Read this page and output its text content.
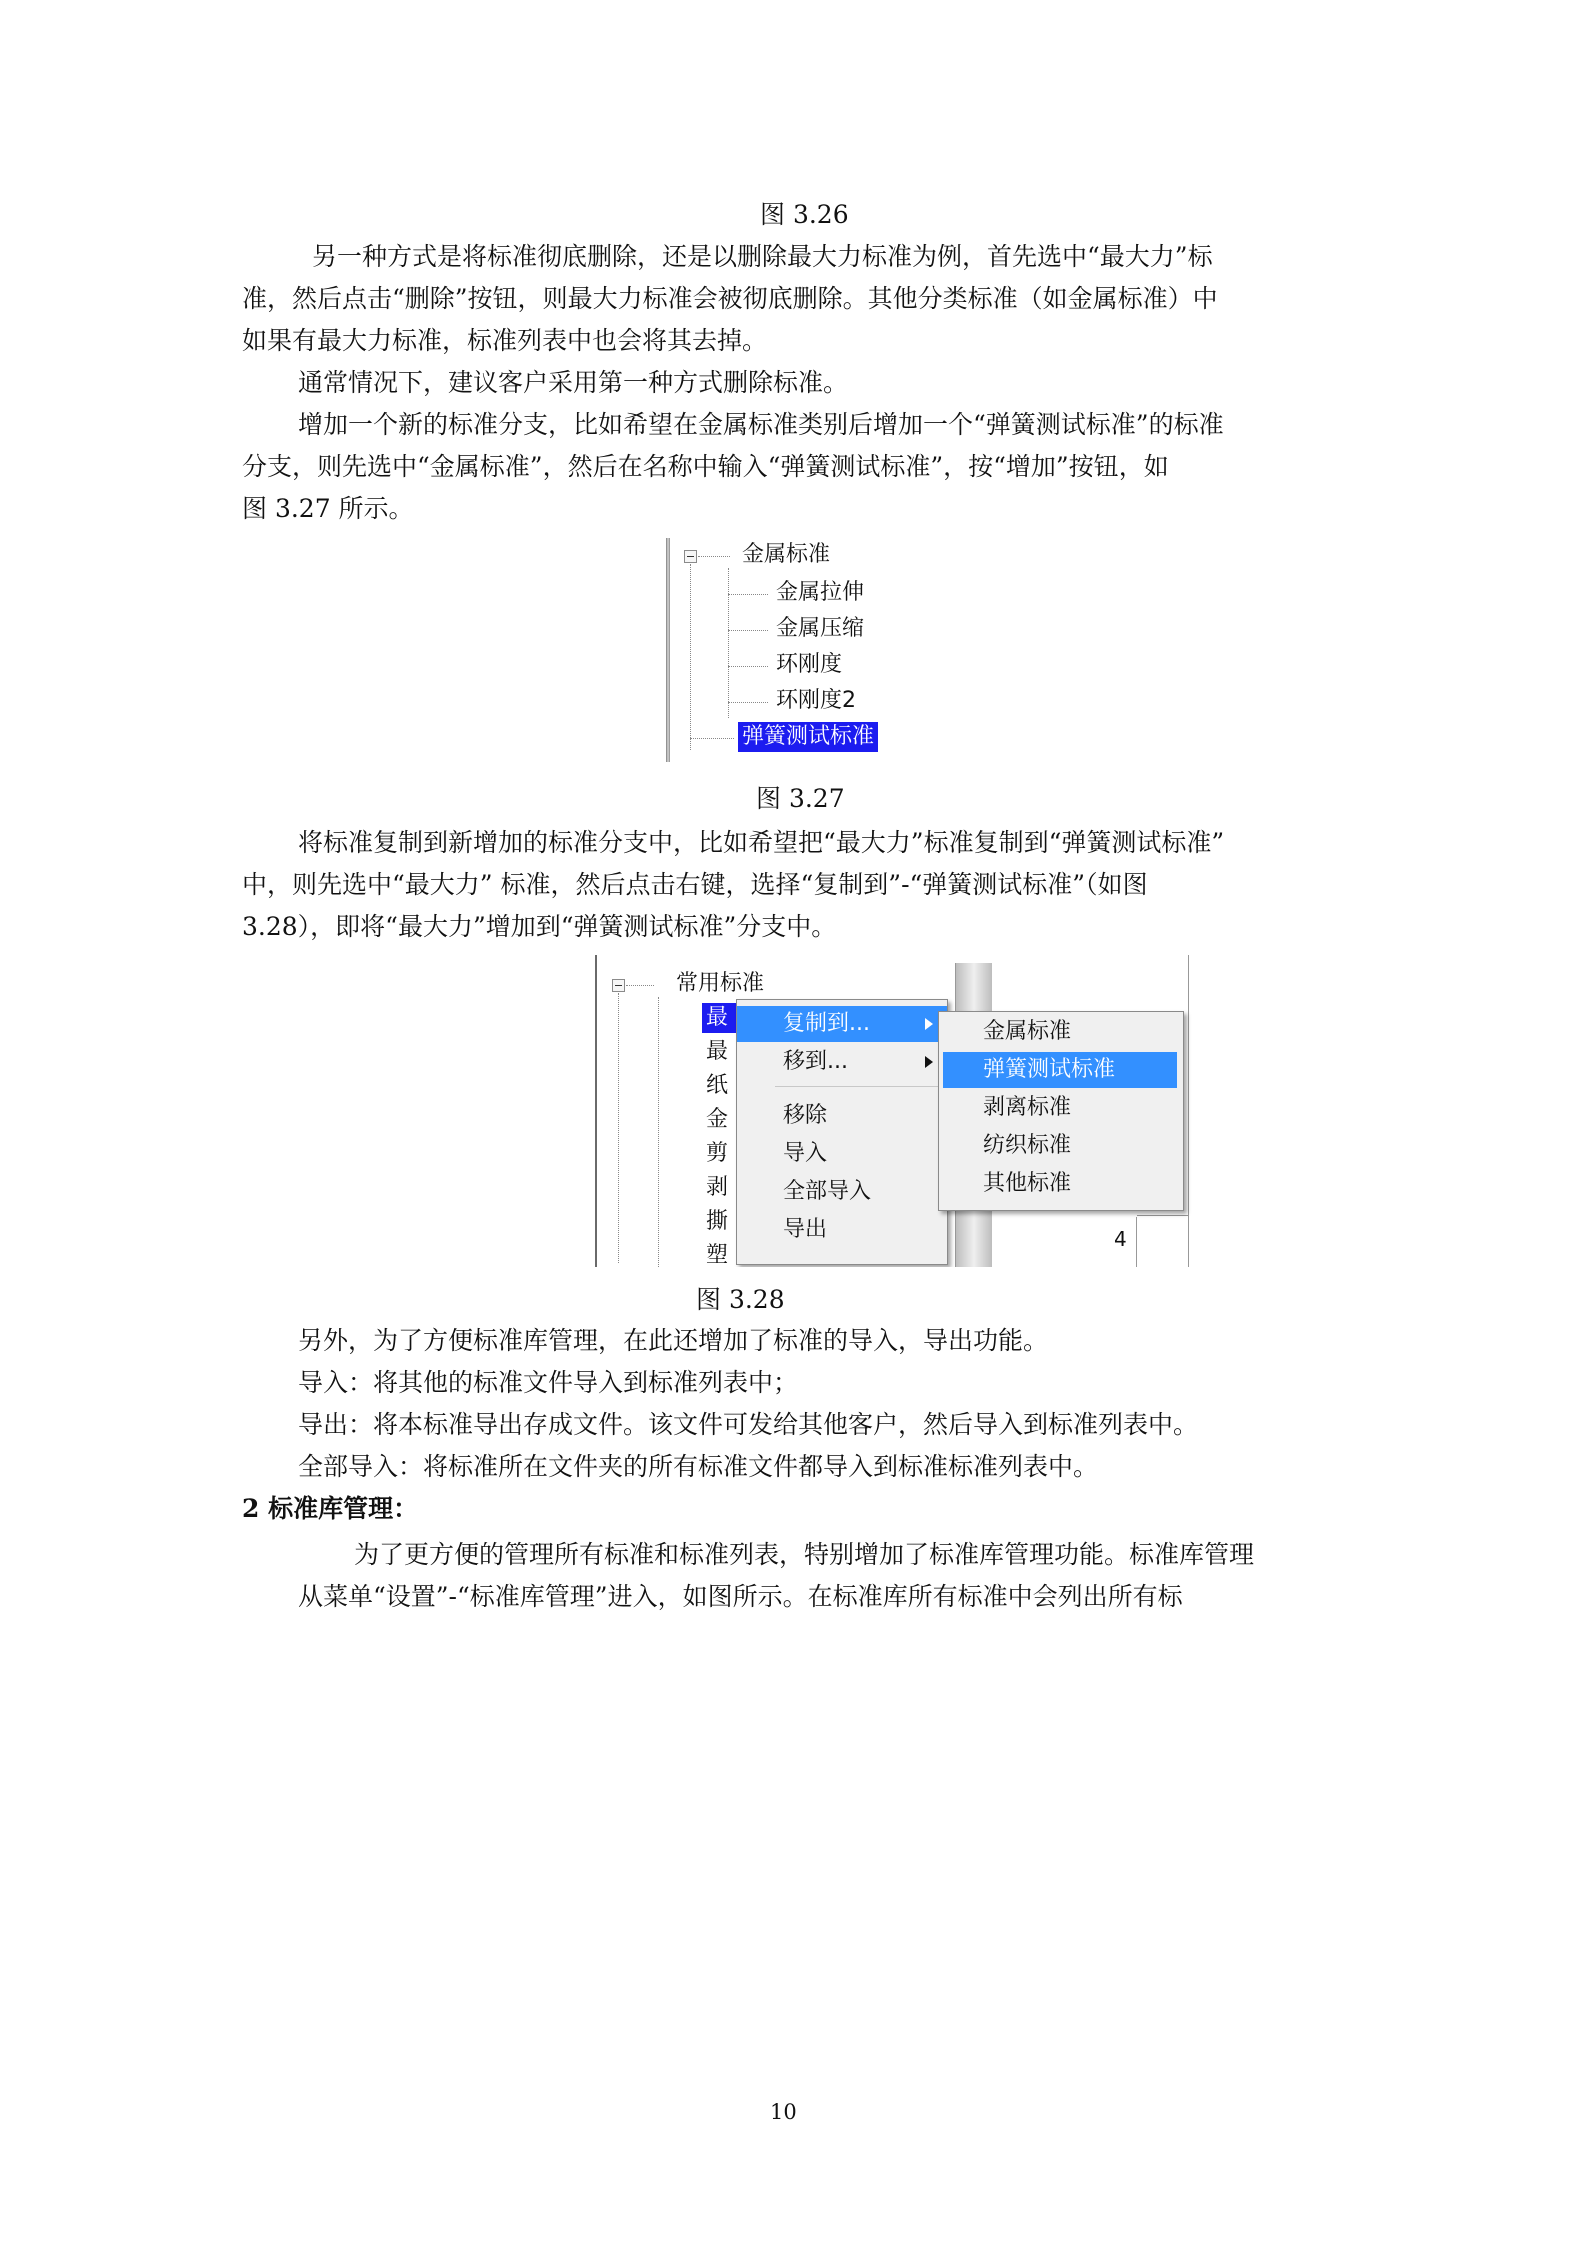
图 3.26
另一种方式是将标准彻底删除，还是以删除最大力标准为例，首先选中“最大力”标
准，然后点击“删除”按钮，则最大力标准会被彻底删除。其他分类标准（如金属标准）中
如果有最大力标准，标准列表中也会将其去掉。
通常情况下，建议客户采用第一种方式删除标准。
增加一个新的标准分支，比如希望在金属标准类别后增加一个“弹簧测试标准”的标准
分支，则先选中“金属标准”，然后在名称中输入“弹簧测试标准”，按“增加”按钮，如
图 3.27 所示。
金属标准
金属拉伸
金属压缩
环刚度
环刚度2
弹簧测试标准
图 3.27
将标准复制到新增加的标准分支中，比如希望把“最大力”标准复制到“弹簧测试标准”
中，则先选中“最大力” 标准，然后点击右键，选择“复制到”-“弹簧测试标准”（如图
3.28），即将“最大力”增加到“弹簧测试标准”分支中。
常用标准
最
最
纸
金
剪
剥
撕
塑
4
复制到...
移到...
移除
导入
全部导入
导出
金属标准
弹簧测试标准
剥离标准
纺织标准
其他标准
图 3.28
另外，为了方便标准库管理，在此还增加了标准的导入，导出功能。
导入：将其他的标准文件导入到标准列表中；
导出：将本标准导出存成文件。该文件可发给其他客户，然后导入到标准列表中。
全部导入：将标准所在文件夹的所有标准文件都导入到标准标准列表中。
2 标准库管理：
为了更方便的管理所有标准和标准列表，特别增加了标准库管理功能。标准库管理
从菜单“设置”-“标准库管理”进入，如图所示。在标准库所有标准中会列出所有标
10
